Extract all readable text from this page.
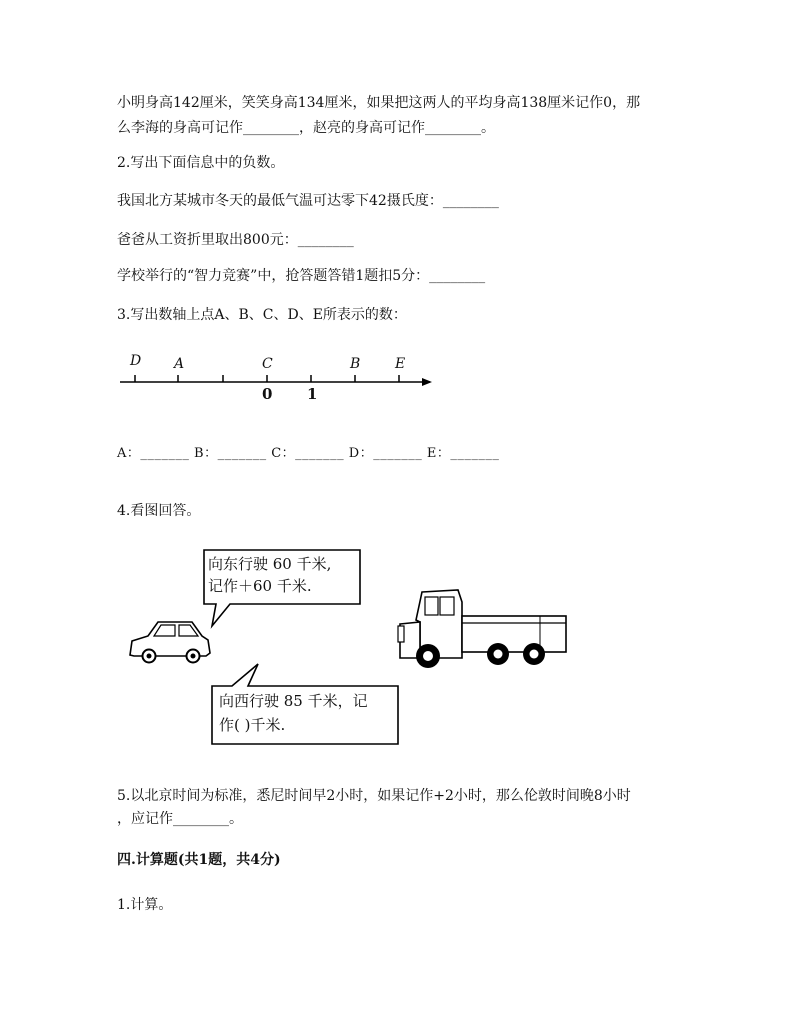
小明身高142厘米，笑笑身高134厘米，如果把这两人的平均身高138厘米记作0，那
么李海的身高可记作________，赵亮的身高可记作________。
2.写出下面信息中的负数。
我国北方某城市冬天的最低气温可达零下42摄氏度：________
爸爸从工资折里取出800元：________
学校举行的“智力竞赛”中，抢答题答错1题扣5分：________
3.写出数轴上点A、B、C、D、E所表示的数：
D A	C	B E
0 1
A：_______ B：_______ C：_______ D：_______ E：_______
4.看图回答。
向东行驶 60 千米,
记作＋60 千米.
向西行驶 85 千米，记
作( )千米.
5.以北京时间为标准，悉尼时间早2小时，如果记作+2小时，那么伦敦时间晚8小时
，应记作________。
四.计算题(共1题，共4分)
1.计算。
